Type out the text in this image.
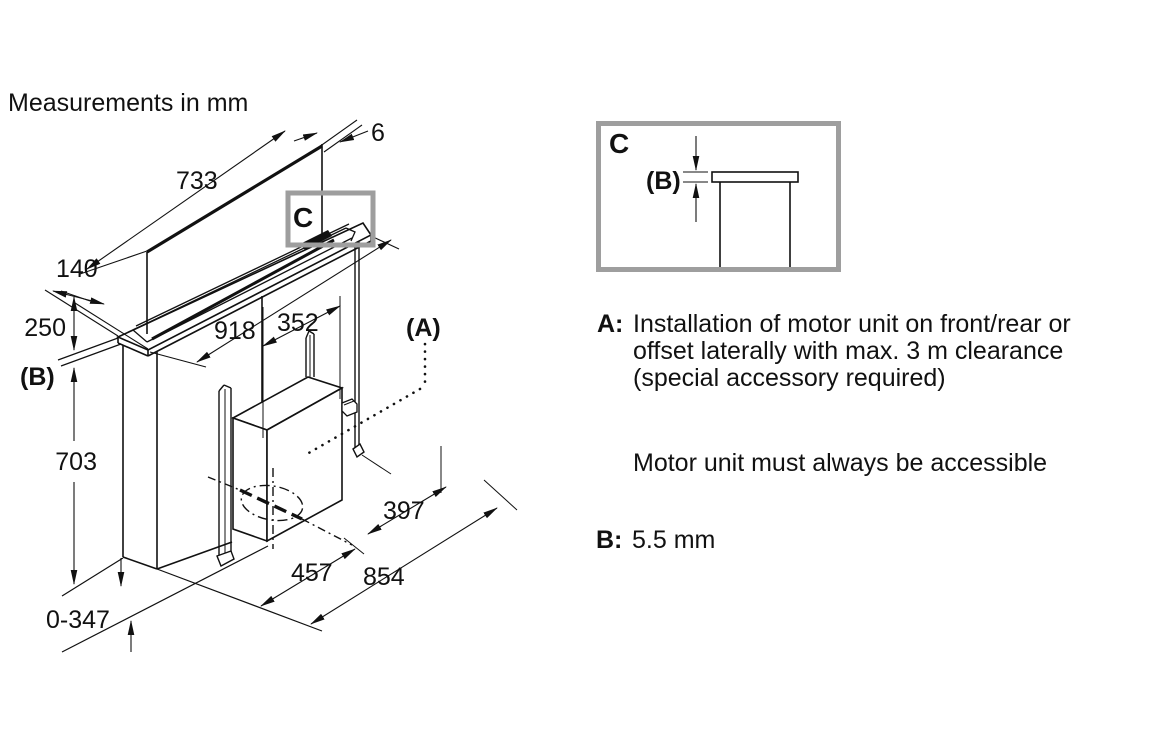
Measurements in mm
733
6
140
250
(B)
703
918 352	(A)
397
854
457
0-347
C
C
(B)
A: Installation of motor unit on front/rear or
offset laterally with max. 3 m clearance
(special accessory required)
Motor unit must always be accessible
B: 5.5 mm
